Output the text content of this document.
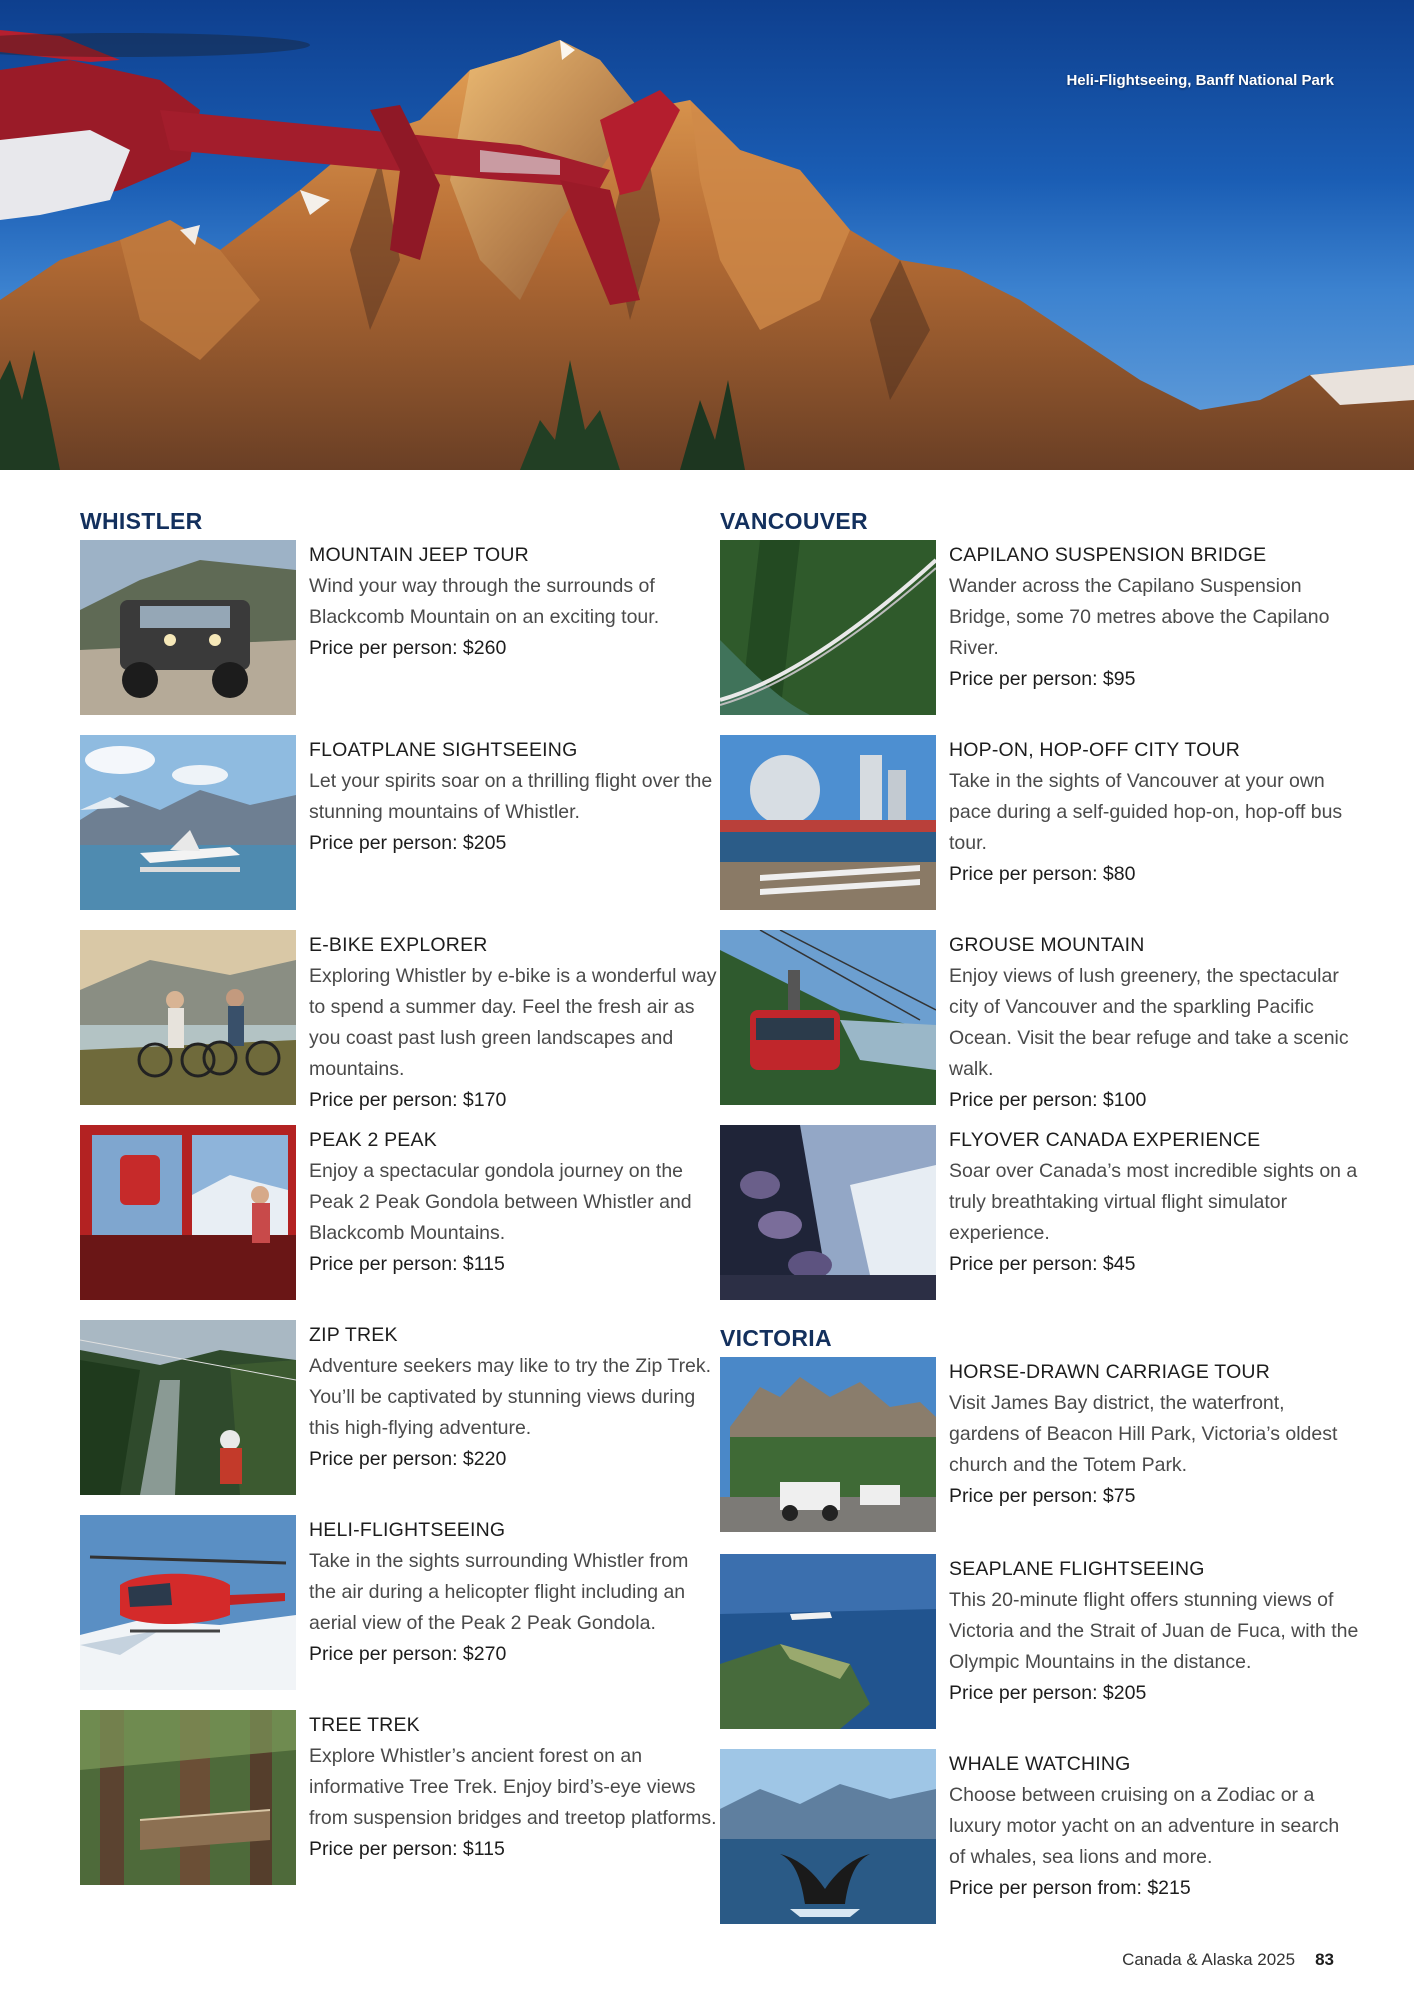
Heli-Flightseeing, Banff National Park
WHISTLER
MOUNTAIN JEEP TOUR
Wind your way through the surrounds of Blackcomb Mountain on an exciting tour.
Price per person: $260
FLOATPLANE SIGHTSEEING
Let your spirits soar on a thrilling flight over the stunning mountains of Whistler.
Price per person: $205
E-BIKE EXPLORER
Exploring Whistler by e-bike is a wonderful way to spend a summer day. Feel the fresh air as you coast past lush green landscapes and mountains.
Price per person: $170
PEAK 2 PEAK
Enjoy a spectacular gondola journey on the Peak 2 Peak Gondola between Whistler and Blackcomb Mountains.
Price per person: $115
ZIP TREK
Adventure seekers may like to try the Zip Trek. You’ll be captivated by stunning views during this high-flying adventure.
Price per person: $220
HELI-FLIGHTSEEING
Take in the sights surrounding Whistler from the air during a helicopter flight including an aerial view of the Peak 2 Peak Gondola.
Price per person: $270
TREE TREK
Explore Whistler’s ancient forest on an informative Tree Trek. Enjoy bird’s-eye views from suspension bridges and treetop platforms.
Price per person: $115
VANCOUVER
CAPILANO SUSPENSION BRIDGE
Wander across the Capilano Suspension Bridge, some 70 metres above the Capilano River.
Price per person: $95
HOP-ON, HOP-OFF CITY TOUR
Take in the sights of Vancouver at your own pace during a self-guided hop-on, hop-off bus tour.
Price per person: $80
GROUSE MOUNTAIN
Enjoy views of lush greenery, the spectacular city of Vancouver and the sparkling Pacific Ocean. Visit the bear refuge and take a scenic walk.
Price per person: $100
FLYOVER CANADA EXPERIENCE
Soar over Canada’s most incredible sights on a truly breathtaking virtual flight simulator experience.
Price per person: $45
VICTORIA
HORSE-DRAWN CARRIAGE TOUR
Visit James Bay district, the waterfront, gardens of Beacon Hill Park, Victoria’s oldest church and the Totem Park.
Price per person: $75
SEAPLANE FLIGHTSEEING
This 20-minute flight offers stunning views of Victoria and the Strait of Juan de Fuca, with the Olympic Mountains in the distance.
Price per person: $205
WHALE WATCHING
Choose between cruising on a Zodiac or a luxury motor yacht on an adventure in search of whales, sea lions and more.
Price per person from: $215
Canada & Alaska 2025 83
